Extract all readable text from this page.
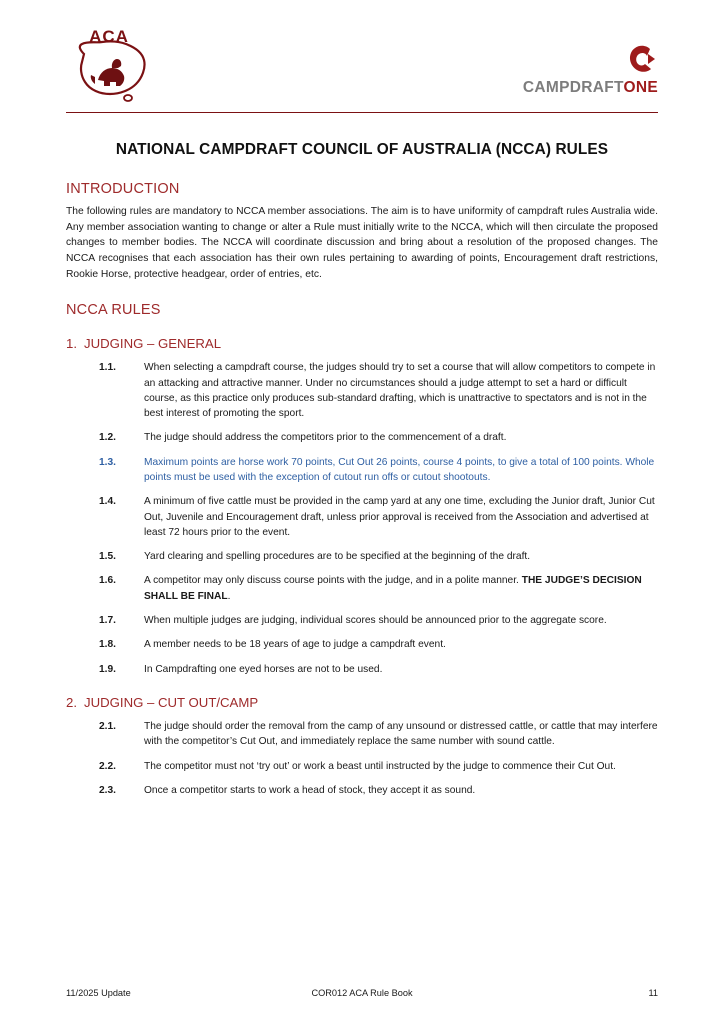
ACA
CAMPDRAFTONE
NATIONAL CAMPDRAFT COUNCIL OF AUSTRALIA (NCCA) RULES
INTRODUCTION

The following rules are mandatory to NCCA member associations. The aim is to have uniformity of campdraft rules Australia wide. Any member association wanting to change or alter a Rule must initially write to the NCCA, which will then circulate the proposed changes to member bodies. The NCCA will coordinate discussion and bring about a resolution of the proposed changes. The NCCA recognises that each association has their own rules pertaining to awarding of points, Encouragement draft restrictions, Rookie Horse, protective headgear, order of entries, etc.

NCCA RULES
1. JUDGING – GENERAL
1.1.	When selecting a campdraft course, the judges should try to set a course that will allow competitors to compete in an attacking and attractive manner. Under no circumstances should a judge attempt to set a hard or difficult course, as this practice only produces sub-standard drafting, which is unattractive to spectators and is not in the best interest of promoting the sport.
1.2.	The judge should address the competitors prior to the commencement of a draft.
1.3.	Maximum points are horse work 70 points, Cut Out 26 points, course 4 points, to give a total of 100 points. Whole points must be used with the exception of cutout run offs or cutout shootouts.
1.4.	A minimum of five cattle must be provided in the camp yard at any one time, excluding the Junior draft, Junior Cut Out, Juvenile and Encouragement draft, unless prior approval is received from the Association and advertised at least 72 hours prior to the event.
1.5.	Yard clearing and spelling procedures are to be specified at the beginning of the draft.
1.6.	A competitor may only discuss course points with the judge, and in a polite manner. THE JUDGE’S DECISION SHALL BE FINAL.
1.7.	When multiple judges are judging, individual scores should be announced prior to the aggregate score.
1.8.	A member needs to be 18 years of age to judge a campdraft event.
1.9.	In Campdrafting one eyed horses are not to be used.
2. JUDGING – CUT OUT/CAMP
2.1.	The judge should order the removal from the camp of any unsound or distressed cattle, or cattle that may interfere with the competitor’s Cut Out, and immediately replace the same number with sound cattle.
2.2.	The competitor must not ‘try out’ or work a beast until instructed by the judge to commence their Cut Out.
2.3.	Once a competitor starts to work a head of stock, they accept it as sound.
11/2025 Update	COR012 ACA Rule Book	11
